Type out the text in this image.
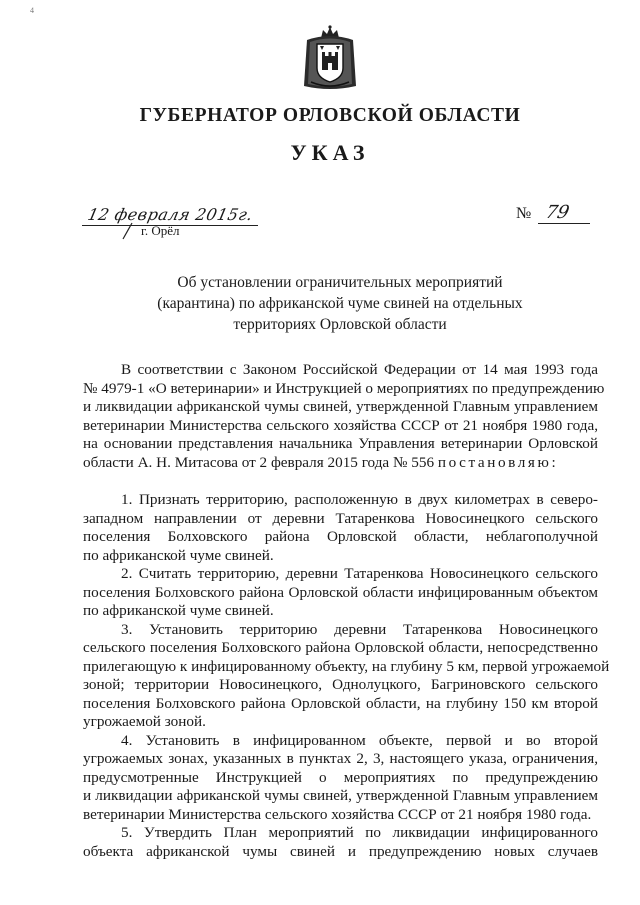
4
ГУБЕРНАТОР ОРЛОВСКОЙ ОБЛАСТИ
УКАЗ
12 февраля 2015г.
г. Орёл
№ 79
Об установлении ограничительных мероприятий
(карантина) по африканской чуме свиней на отдельных
территориях Орловской области
В соответствии с Законом Российской Федерации от 14 мая 1993 года
№ 4979-1 «О ветеринарии» и Инструкцией о мероприятиях по предупреждению
и ликвидации африканской чумы свиней, утвержденной Главным управлением
ветеринарии Министерства сельского хозяйства СССР от 21 ноября 1980 года,
на основании представления начальника Управления ветеринарии Орловской
области А. Н. Митасова от 2 февраля 2015 года № 556 постановляю:
1. Признать территорию, расположенную в двух километрах в северо-
западном направлении от деревни Татаренкова Новосинецкого сельского
поселения Болховского района Орловской области, неблагополучной
по африканской чуме свиней.
2. Считать территорию, деревни Татаренкова Новосинецкого сельского
поселения Болховского района Орловской области инфицированным объектом
по африканской чуме свиней.
3. Установить территорию деревни Татаренкова Новосинецкого
сельского поселения Болховского района Орловской области, непосредственно
прилегающую к инфицированному объекту, на глубину 5 км, первой угрожаемой
зоной; территории Новосинецкого, Однолуцкого, Багриновского сельского
поселения Болховского района Орловской области, на глубину 150 км второй
угрожаемой зоной.
4. Установить в инфицированном объекте, первой и во второй
угрожаемых зонах, указанных в пунктах 2, 3, настоящего указа, ограничения,
предусмотренные Инструкцией о мероприятиях по предупреждению
и ликвидации африканской чумы свиней, утвержденной Главным управлением
ветеринарии Министерства сельского хозяйства СССР от 21 ноября 1980 года.
5. Утвердить План мероприятий по ликвидации инфицированного
объекта африканской чумы свиней и предупреждению новых случаев
